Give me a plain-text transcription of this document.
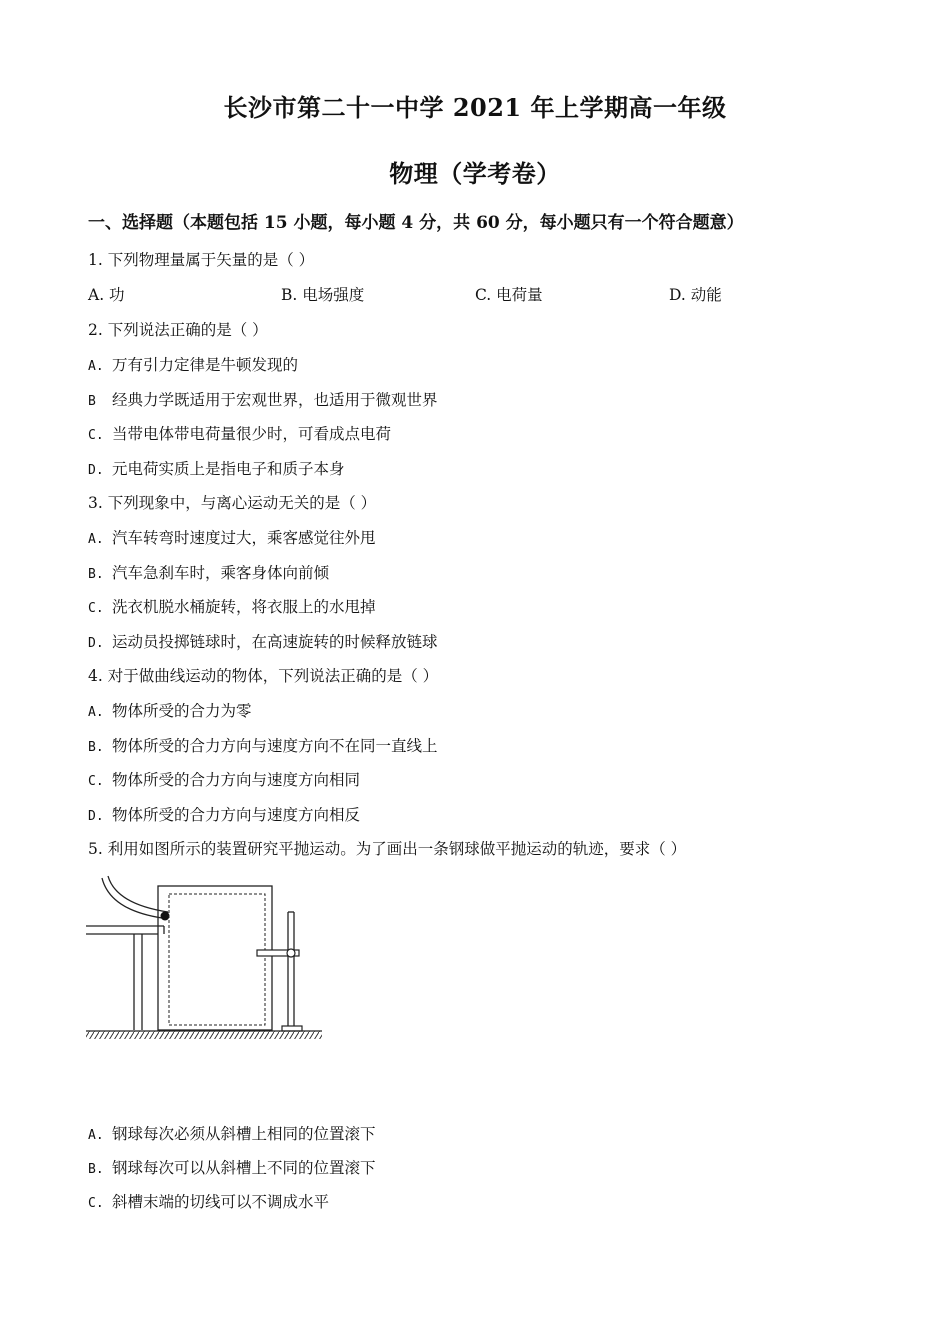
长沙市第二十一中学 2021 年上学期高一年级
物理（学考卷）
一、选择题（本题包括 15 小题，每小题 4 分，共 60 分，每小题只有一个符合题意）
1. 下列物理量属于矢量的是（ ）
A. 功	B. 电场强度	C. 电荷量	D. 动能
2. 下列说法正确的是（ ）
A. 万有引力定律是牛顿发现的
B 经典力学既适用于宏观世界，也适用于微观世界
C. 当带电体带电荷量很少时，可看成点电荷
D. 元电荷实质上是指电子和质子本身
3. 下列现象中，与离心运动无关的是（ ）
A. 汽车转弯时速度过大，乘客感觉往外甩
B. 汽车急刹车时，乘客身体向前倾
C. 洗衣机脱水桶旋转，将衣服上的水甩掉
D. 运动员投掷链球时，在高速旋转的时候释放链球
4. 对于做曲线运动的物体，下列说法正确的是（ ）
A. 物体所受的合力为零
B. 物体所受的合力方向与速度方向不在同一直线上
C. 物体所受的合力方向与速度方向相同
D. 物体所受的合力方向与速度方向相反
5. 利用如图所示的装置研究平抛运动。为了画出一条钢球做平抛运动的轨迹，要求（ ）
A. 钢球每次必须从斜槽上相同的位置滚下
B. 钢球每次可以从斜槽上不同的位置滚下
C. 斜槽末端的切线可以不调成水平
